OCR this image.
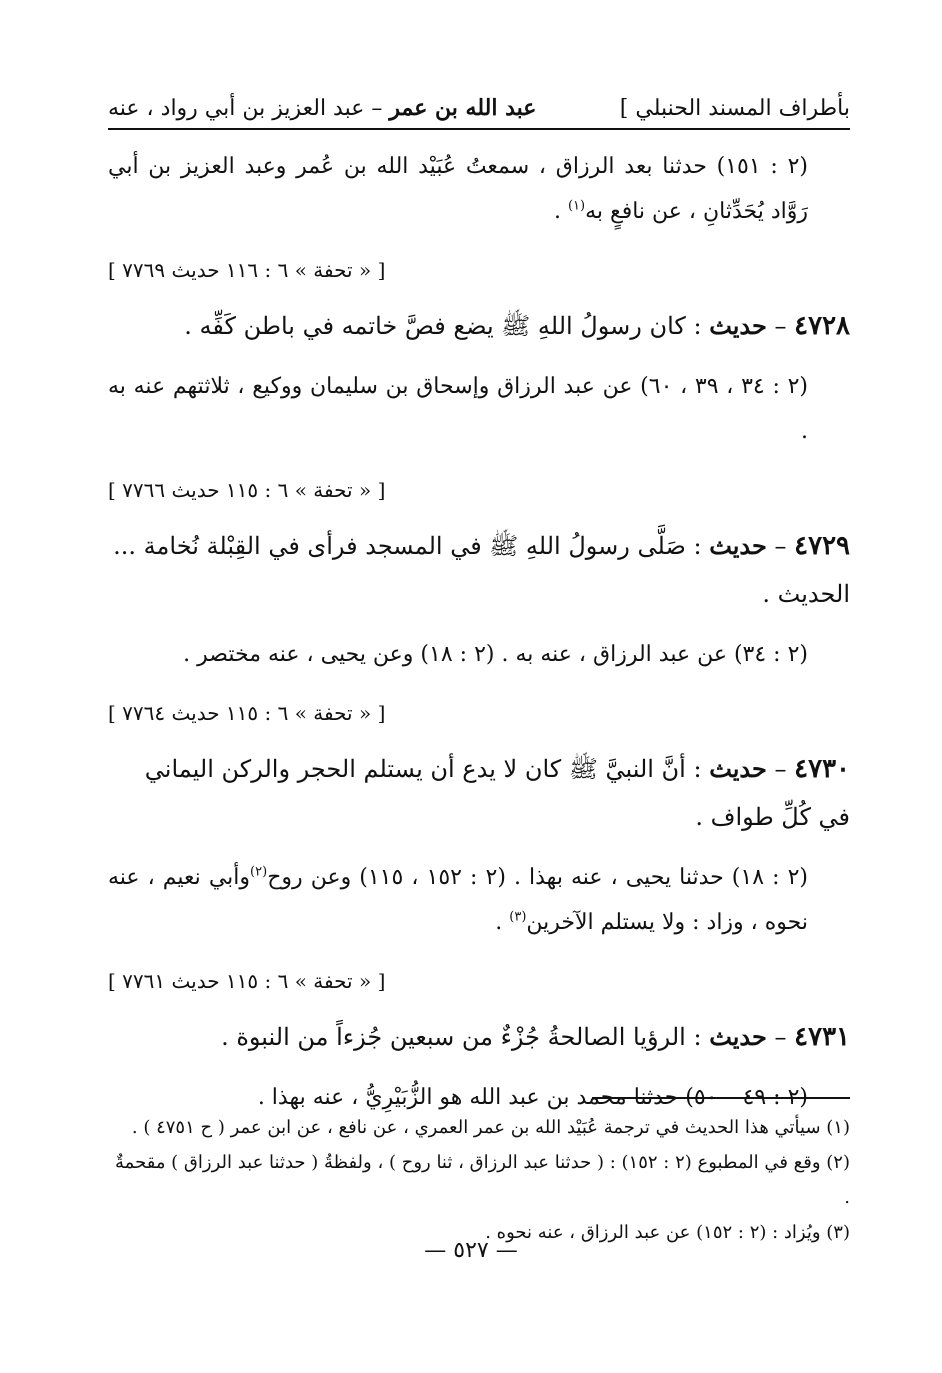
بأطراف المسند الحنبلي ]
عبد الله بن عمر – عبد العزيز بن أبي رواد ، عنه

(٢ : ١٥١) حدثنا بعد الرزاق ، سمعتُ عُبَيْد الله بن عُمر وعبد العزيز بن أبي رَوَّاد يُحَدِّثانِ ، عن نافعٍ به$^{(١)}$ .

[ « تحفة » ٦ : ١١٦ حديث ٧٧٦٩ ]

٤٧٢٨ – حديث : كان رسولُ اللهِ ﷺ يضع فصَّ خاتمه في باطن كَفِّه .

(٢ : ٣٤ ، ٣٩ ، ٦٠) عن عبد الرزاق وإسحاق بن سليمان ووكيع ، ثلاثتهم عنه به .

[ « تحفة » ٦ : ١١٥ حديث ٧٧٦٦ ]

٤٧٢٩ – حديث : صَلَّى رسولُ اللهِ ﷺ في المسجد فرأى في القِبْلة نُخامة ... الحديث .

(٢ : ٣٤) عن عبد الرزاق ، عنه به . (٢ : ١٨) وعن يحيى ، عنه مختصر .

[ « تحفة » ٦ : ١١٥ حديث ٧٧٦٤ ]

٤٧٣٠ – حديث : أنَّ النبيَّ ﷺ كان لا يدع أن يستلم الحجر والركن اليماني في كُلِّ طواف .

(٢ : ١٨) حدثنا يحيى ، عنه بهذا . (٢ : ١٥٢ ، ١١٥) وعن روح$^{(٢)}$وأبي نعيم ، عنه نحوه ، وزاد : ولا يستلم الآخرين$^{(٣)}$ .

[ « تحفة » ٦ : ١١٥ حديث ٧٧٦١ ]

٤٧٣١ – حديث : الرؤيا الصالحةُ جُزْءٌ من سبعين جُزءاً من النبوة .

(٢ : ٤٩ – ٥٠) حدثنا محمد بن عبد الله هو الزُّبَيْرِيُّ ، عنه بهذا .

(١) سيأتي هذا الحديث في ترجمة عُبَيْد الله بن عمر العمري ، عن نافع ، عن ابن عمر ( ح ٤٧٥١ ) .

(٢) وقع في المطبوع (٢ : ١٥٢) : ( حدثنا عبد الرزاق ، ثنا روح ) ، ولفظةُ ( حدثنا عبد الرزاق ) مقحمةٌ .

(٣) ويُزاد : (٢ : ١٥٢) عن عبد الرزاق ، عنه نحوه .

— ٥٢٧ —
